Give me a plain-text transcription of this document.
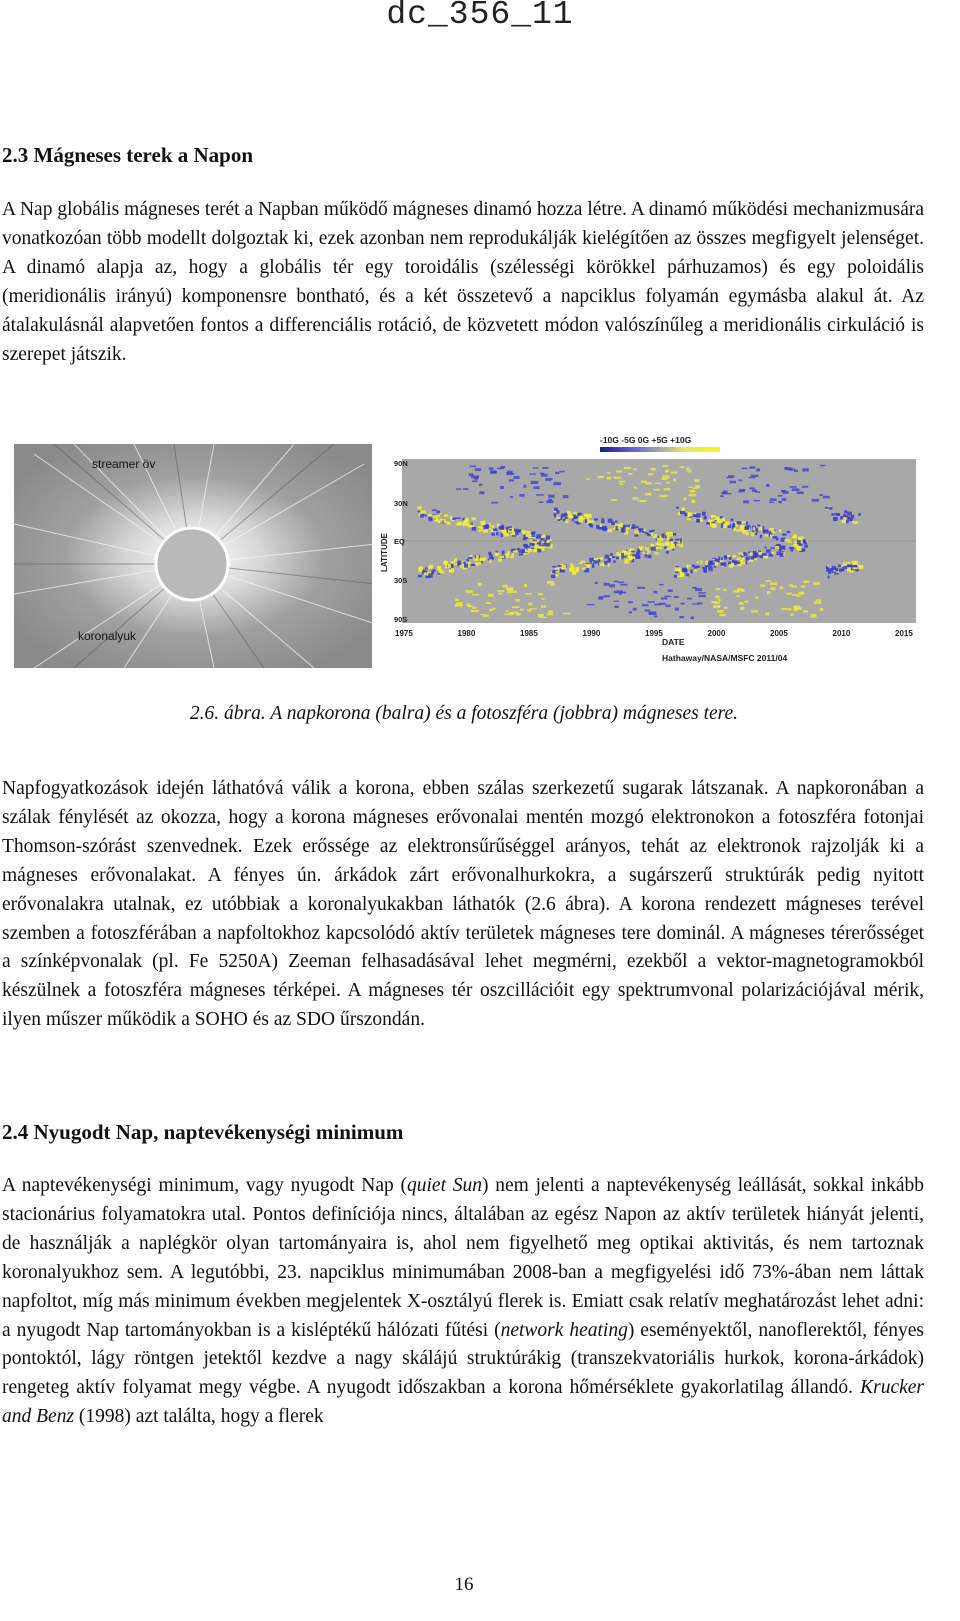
dc_356_11
2.3 Mágneses terek a Napon

A Nap globális mágneses terét a Napban működő mágneses dinamó hozza létre. A dinamó működési mechanizmusára vonatkozóan több modellt dolgoztak ki, ezek azonban nem reprodukálják kielégítően az összes megfigyelt jelenséget. A dinamó alapja az, hogy a globális tér egy toroidális (szélességi körökkel párhuzamos) és egy poloidális (meridionális irányú) komponensre bontható, és a két összetevő a napciklus folyamán egymásba alakul át. Az átalakulásnál alapvetően fontos a differenciális rotáció, de közvetett módon valószínűleg a meridionális cirkuláció is szerepet játszik.

streamer öv
koronalyuk
-10G -5G 0G +5G +10G
LATITUDE
90N
30N
EQ
30S
90S
1975	1980	1985	1990	1995	2000	2005	2010	2015
DATE
Hathaway/NASA/MSFC 2011/04
2.6. ábra. A napkorona (balra) és a fotoszféra (jobbra) mágneses tere.

Napfogyatkozások idején láthatóvá válik a korona, ebben szálas szerkezetű sugarak látszanak. A napkoronában a szálak fénylését az okozza, hogy a korona mágneses erővonalai mentén mozgó elektronokon a fotoszféra fotonjai Thomson-szórást szenvednek. Ezek erőssége az elektronsűrűséggel arányos, tehát az elektronok rajzolják ki a mágneses erővonalakat. A fényes ún. árkádok zárt erővonalhurkokra, a sugárszerű struktúrák pedig nyitott erővonalakra utalnak, ez utóbbiak a koronalyukakban láthatók (2.6 ábra). A korona rendezett mágneses terével szemben a fotoszférában a napfoltokhoz kapcsolódó aktív területek mágneses tere dominál. A mágneses térerősséget a színképvonalak (pl. Fe 5250A) Zeeman felhasadásával lehet megmérni, ezekből a vektor-magnetogramokból készülnek a fotoszféra mágneses térképei. A mágneses tér oszcillációit egy spektrumvonal polarizációjával mérik, ilyen műszer működik a SOHO és az SDO űrszondán.

2.4 Nyugodt Nap, naptevékenységi minimum

A naptevékenységi minimum, vagy nyugodt Nap (quiet Sun) nem jelenti a naptevékenység leállását, sokkal inkább stacionárius folyamatokra utal. Pontos definíciója nincs, általában az egész Napon az aktív területek hiányát jelenti, de használják a naplégkör olyan tartományaira is, ahol nem figyelhető meg optikai aktivitás, és nem tartoznak koronalyukhoz sem. A legutóbbi, 23. napciklus minimumában 2008-ban a megfigyelési idő 73%-ában nem láttak napfoltot, míg más minimum években megjelentek X-osztályú flerek is. Emiatt csak relatív meghatározást lehet adni: a nyugodt Nap tartományokban is a kisléptékű hálózati fűtési (network heating) eseményektől, nanoflerektől, fényes pontoktól, lágy röntgen jetektől kezdve a nagy skálájú struktúrákig (transzekvatoriális hurkok, korona-árkádok) rengeteg aktív folyamat megy végbe. A nyugodt időszakban a korona hőmérséklete gyakorlatilag állandó. Krucker and Benz (1998) azt találta, hogy a flerek

16
